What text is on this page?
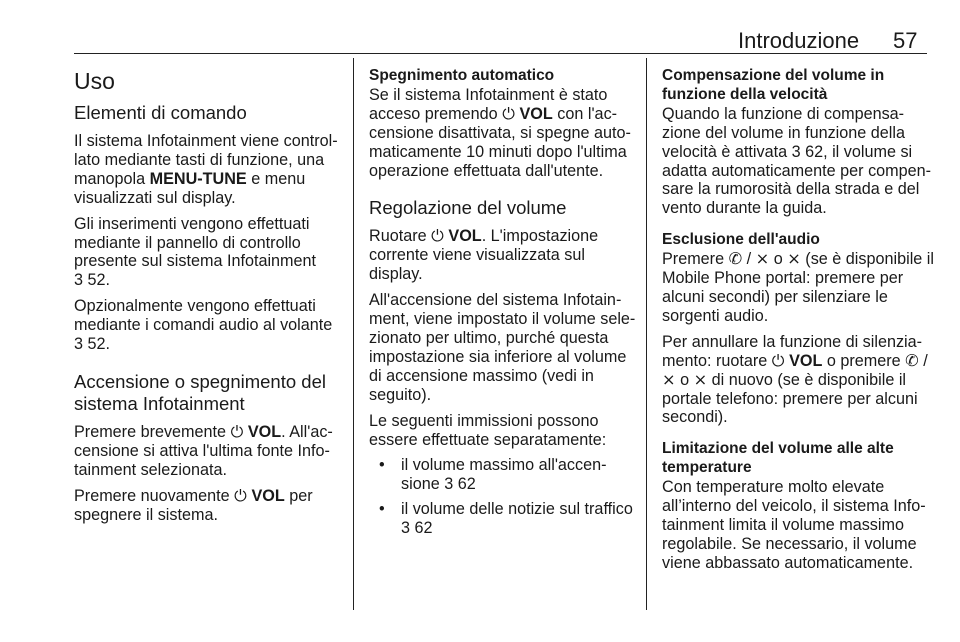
Introduzione 57
Uso
Elementi di comando
Il sistema Infotainment viene control-
lato mediante tasti di funzione, una
manopola MENU-TUNE e menu
visualizzati sul display.
Gli inserimenti vengono effettuati
mediante il pannello di controllo
presente sul sistema Infotainment
3 52.
Opzionalmente vengono effettuati
mediante i comandi audio al volante
3 52.
Accensione o spegnimento del
sistema Infotainment
Premere brevemente ⏻ VOL. All'ac-
censione si attiva l'ultima fonte Info-
tainment selezionata.
Premere nuovamente ⏻ VOL per
spegnere il sistema.
Spegnimento automatico
Se il sistema Infotainment è stato
acceso premendo ⏻ VOL con l'ac-
censione disattivata, si spegne auto-
maticamente 10 minuti dopo l'ultima
operazione effettuata dall'utente.
Regolazione del volume
Ruotare ⏻ VOL. L'impostazione
corrente viene visualizzata sul
display.
All'accensione del sistema Infotain-
ment, viene impostato il volume sele-
zionato per ultimo, purché questa
impostazione sia inferiore al volume
di accensione massimo (vedi in
seguito).
Le seguenti immissioni possono
essere effettuate separatamente:
• il volume massimo all'accen-
sione 3 62
• il volume delle notizie sul traffico
3 62
Compensazione del volume in
funzione della velocità
Quando la funzione di compensa-
zione del volume in funzione della
velocità è attivata 3 62, il volume si
adatta automaticamente per compen-
sare la rumorosità della strada e del
vento durante la guida.
Esclusione dell'audio
Premere ✆ / ⨯ o ⨯ (se è disponibile il
Mobile Phone portal: premere per
alcuni secondi) per silenziare le
sorgenti audio.
Per annullare la funzione di silenzia-
mento: ruotare ⏻ VOL o premere ✆ /
⨯ o ⨯ di nuovo (se è disponibile il
portale telefono: premere per alcuni
secondi).
Limitazione del volume alle alte
temperature
Con temperature molto elevate
all’interno del veicolo, il sistema Info-
tainment limita il volume massimo
regolabile. Se necessario, il volume
viene abbassato automaticamente.
